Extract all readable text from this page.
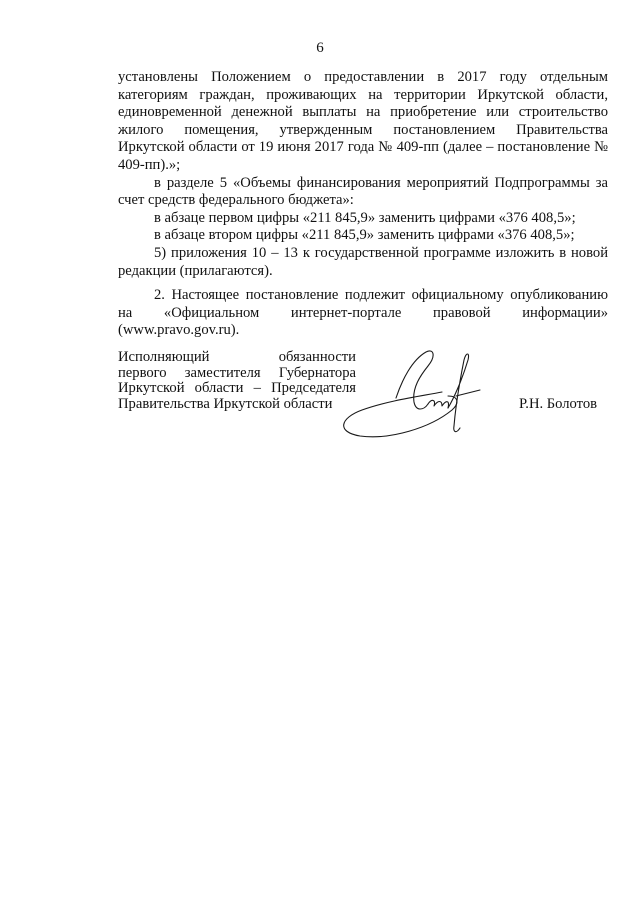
6

установлены Положением о предоставлении в 2017 году отдельным категориям граждан, проживающих на территории Иркутской области, единовременной денежной выплаты на приобретение или строительство жилого помещения, утвержденным постановлением Правительства Иркутской области от 19 июня 2017 года № 409-пп (далее – постановление № 409-пп).»;

в разделе 5 «Объемы финансирования мероприятий Подпрограммы за счет средств федерального бюджета»:

в абзаце первом цифры «211 845,9» заменить цифрами «376 408,5»;

в абзаце втором цифры «211 845,9» заменить цифрами «376 408,5»;

5) приложения 10 – 13 к государственной программе изложить в новой редакции (прилагаются).

2. Настоящее постановление подлежит официальному опубликованию на «Официальном интернет-портале правовой информации» (www.pravo.gov.ru).

Исполняющий обязанности
первого заместителя Губернатора
Иркутской области – Председателя
Правительства Иркутской области	Р.Н. Болотов
